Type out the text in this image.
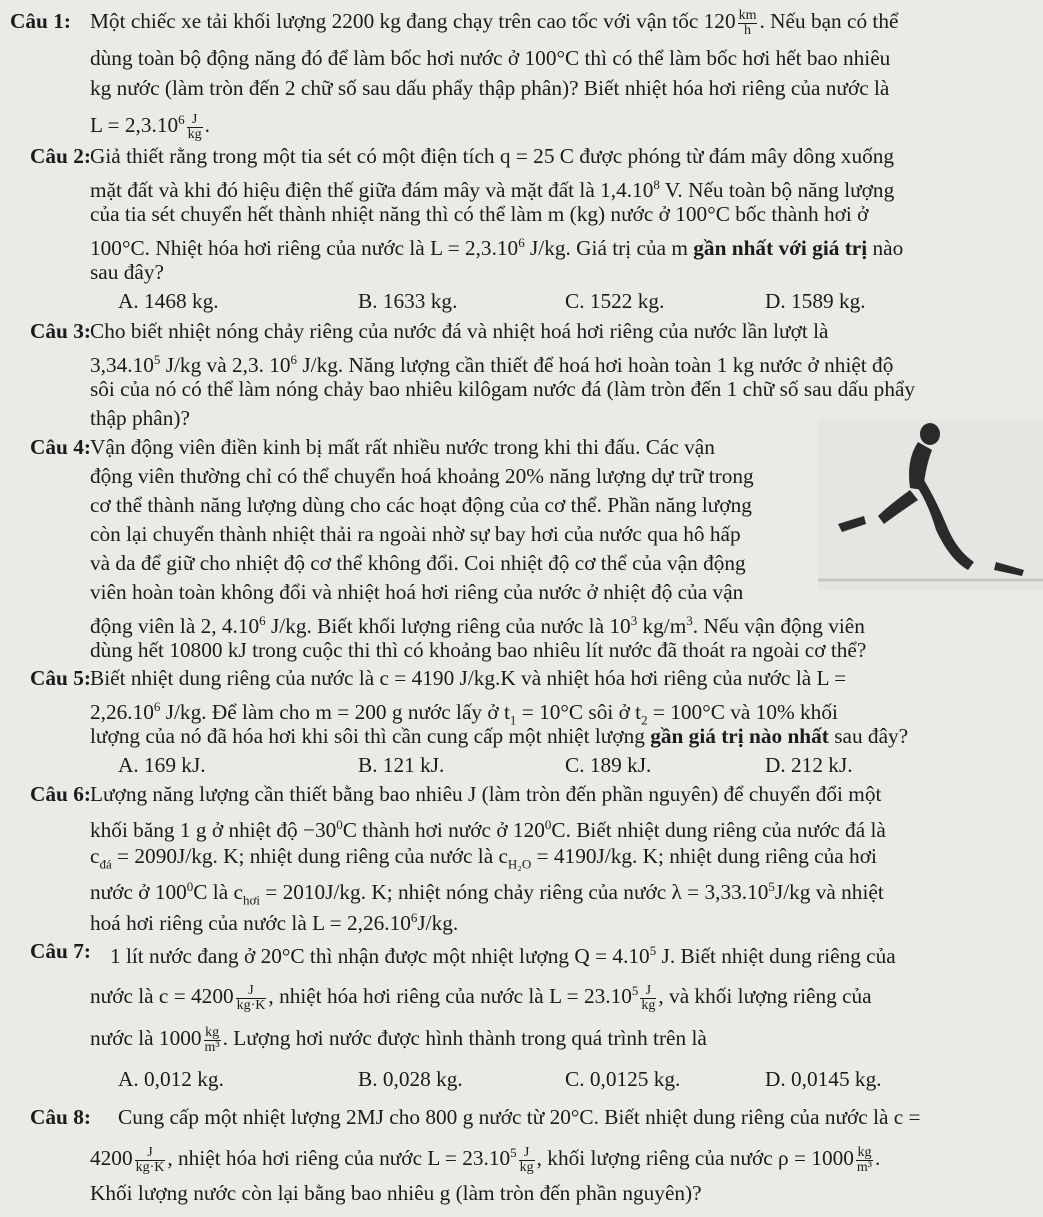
Câu 1: Một chiếc xe tải khối lượng 2200 kg đang chạy trên cao tốc với vận tốc $120 \frac{km}{h}$ . Nếu bạn có thể
dùng toàn bộ động năng đó để làm bốc hơi nước ở 100°C thì có thể làm bốc hơi hết bao nhiêu
kg nước (làm tròn đến 2 chữ số sau dấu phẩy thập phân)? Biết nhiệt hóa hơi riêng của nước là
$L = 2,3.10^6 \frac{J}{kg}$ .
Câu 2: Giả thiết rằng trong một tia sét có một điện tích q = 25 C được phóng từ đám mây dông xuống
mặt đất và khi đó hiệu điện thế giữa đám mây và mặt đất là 1,4.10$^8$ V. Nếu toàn bộ năng lượng
của tia sét chuyển hết thành nhiệt năng thì có thể làm m (kg) nước ở 100°C bốc thành hơi ở
100°C. Nhiệt hóa hơi riêng của nước là $L = 2,3.10^6$ J/kg. Giá trị của m gần nhất với giá trị nào
sau đây?
A. 1468 kg.	B. 1633 kg.	C. 1522 kg.	D. 1589 kg.
Câu 3: Cho biết nhiệt nóng chảy riêng của nước đá và nhiệt hoá hơi riêng của nước lần lượt là
3,34.10$^5$ J/kg và 2,3. $10^6$ J/kg. Năng lượng cần thiết để hoá hơi hoàn toàn 1 kg nước ở nhiệt độ
sôi của nó có thể làm nóng chảy bao nhiêu kilôgam nước đá (làm tròn đến 1 chữ số sau dấu phẩy
thập phân)?
Câu 4: Vận động viên điền kinh bị mất rất nhiều nước trong khi thi đấu. Các vận
động viên thường chỉ có thể chuyển hoá khoảng 20% năng lượng dự trữ trong
cơ thể thành năng lượng dùng cho các hoạt động của cơ thể. Phần năng lượng
còn lại chuyển thành nhiệt thải ra ngoài nhờ sự bay hơi của nước qua hô hấp
và da để giữ cho nhiệt độ cơ thể không đổi. Coi nhiệt độ cơ thể của vận động
viên hoàn toàn không đổi và nhiệt hoá hơi riêng của nước ở nhiệt độ của vận
động viên là 2, 4.10$^6$ J/kg. Biết khối lượng riêng của nước là $10^3$ $kg/m^3$. Nếu vận động viên
dùng hết 10800 kJ trong cuộc thi thì có khoảng bao nhiêu lít nước đã thoát ra ngoài cơ thể?
Câu 5: Biết nhiệt dung riêng của nước là c = 4190 J/kg.K và nhiệt hóa hơi riêng của nước là L =
$2,26.10^6$ J/kg. Để làm cho m = 200 g nước lấy ở $t_1 = 10^\circ C$ sôi ở $t_2 = 100^\circ C$ và 10% khối
lượng của nó đã hóa hơi khi sôi thì cần cung cấp một nhiệt lượng gần giá trị nào nhất sau đây?
A. 169 kJ.	B. 121 kJ.	C. 189 kJ.	D. 212 kJ.
Câu 6: Lượng năng lượng cần thiết bằng bao nhiêu J (làm tròn đến phần nguyên) để chuyển đổi một
khối băng 1 g ở nhiệt độ $-30^0C$ thành hơi nước ở $120^0C$. Biết nhiệt dung riêng của nước đá là
$c_{đá} = 2090J/kg$. K; nhiệt dung riêng của nước là $c_{H_2O} = 4190J/kg$. K; nhiệt dung riêng của hơi
nước ở $100^0C$ là $c_{hơi} = 2010J/kg$. K; nhiệt nóng chảy riêng của nước $\lambda = 3,33.10^5J/kg$ và nhiệt
hoá hơi riêng của nước là $L = 2,26.10^6J/kg$.
Câu 7: 1 lít nước đang ở 20°C thì nhận được một nhiệt lượng $Q = 4.10^5$ J. Biết nhiệt dung riêng của
nước là $c = 4200 \frac{J}{kg\cdot K}$ , nhiệt hóa hơi riêng của nước là $L = 23.10^5 \frac{J}{kg}$ , và khối lượng riêng của
nước là $1000 \frac{kg}{\text{m³}}$ . Lượng hơi nước được hình thành trong quá trình trên là
A. 0,012 kg.	B. 0,028 kg.	C. 0,0125 kg.	D. 0,0145 kg.
Câu 8: Cung cấp một nhiệt lượng 2MJ cho 800 g nước từ 20°C. Biết nhiệt dung riêng của nước là c =
$4200 \frac{J}{kg\cdot K}$ , nhiệt hóa hơi riêng của nước $L = 23.10^5 \frac{J}{kg}$ , khối lượng riêng của nước $\rho = 1000 \frac{kg}{\text{m³}}$ .
Khối lượng nước còn lại bằng bao nhiêu g (làm tròn đến phần nguyên)?
